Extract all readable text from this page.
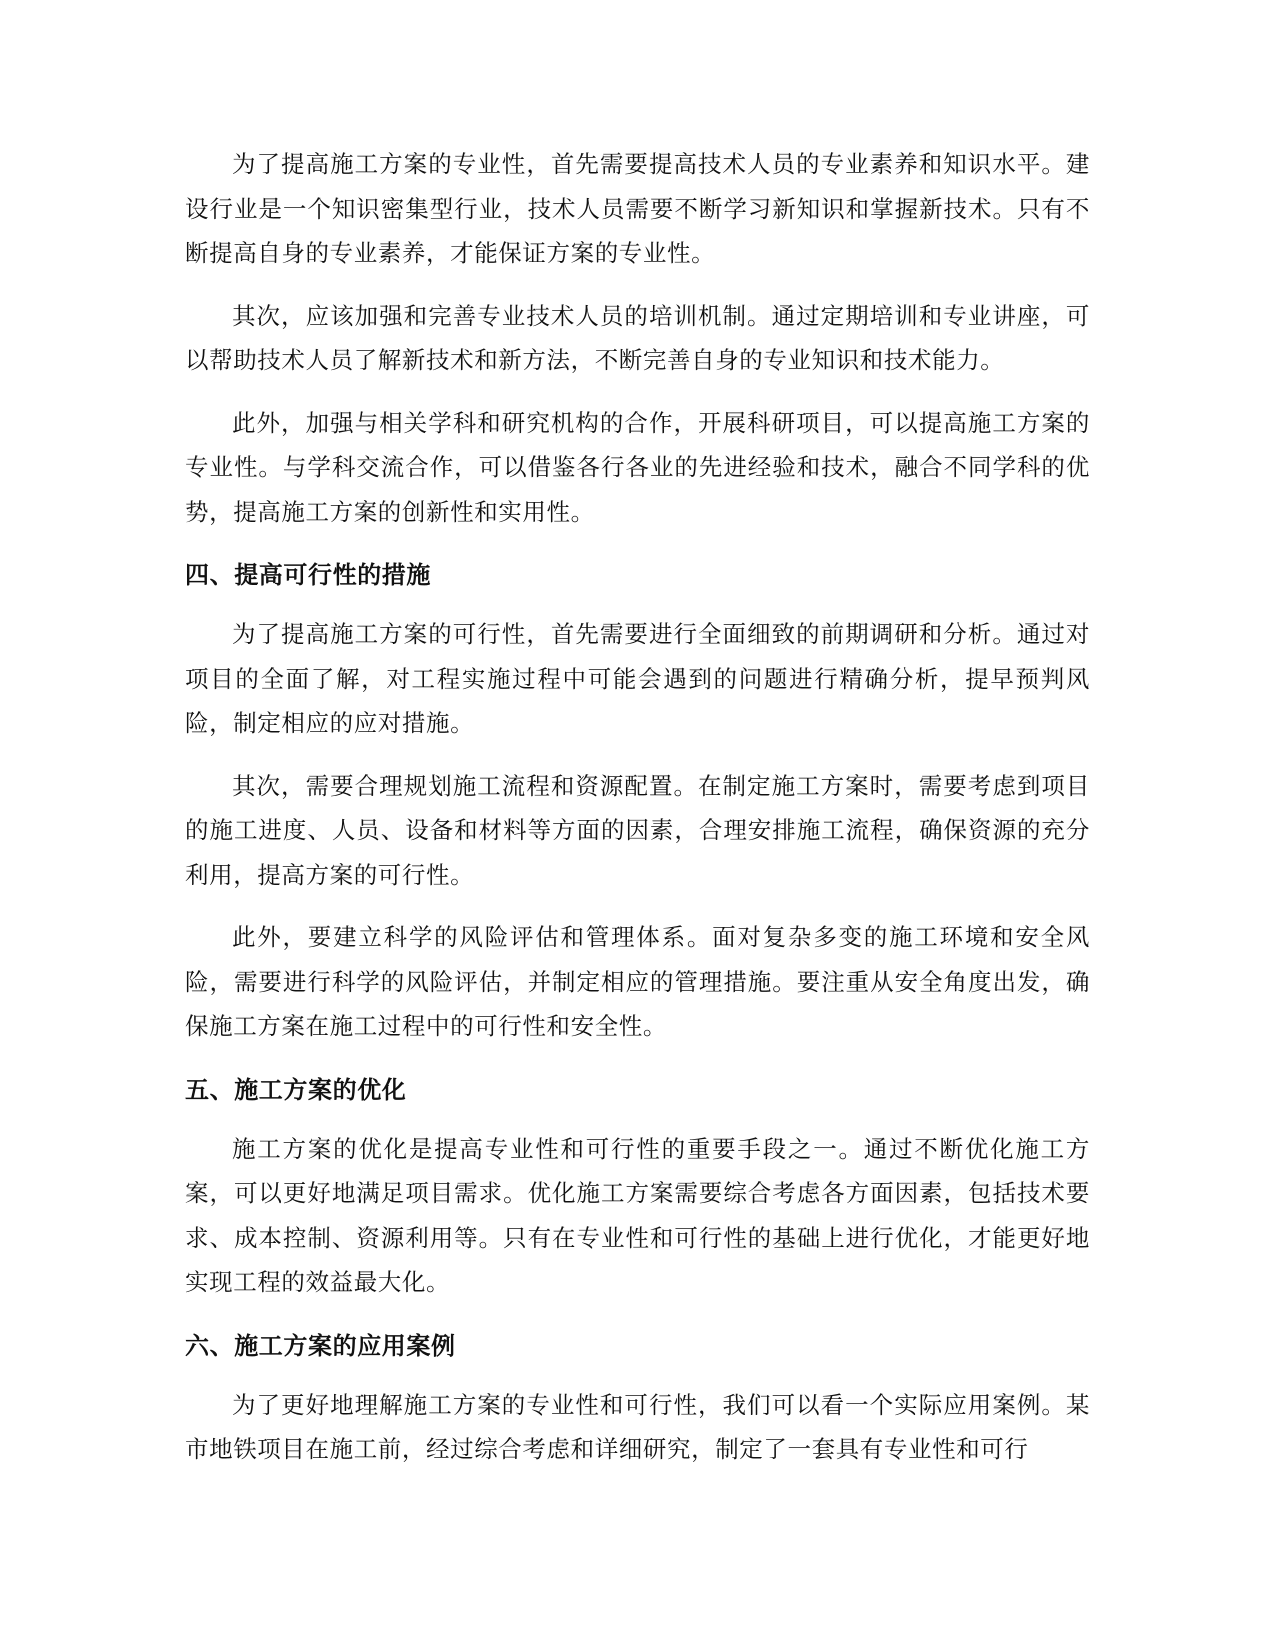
为了提高施工方案的专业性，首先需要提高技术人员的专业素养和知识水平。建设行业是一个知识密集型行业，技术人员需要不断学习新知识和掌握新技术。只有不断提高自身的专业素养，才能保证方案的专业性。

其次，应该加强和完善专业技术人员的培训机制。通过定期培训和专业讲座，可以帮助技术人员了解新技术和新方法，不断完善自身的专业知识和技术能力。

此外，加强与相关学科和研究机构的合作，开展科研项目，可以提高施工方案的专业性。与学科交流合作，可以借鉴各行各业的先进经验和技术，融合不同学科的优势，提高施工方案的创新性和实用性。

四、提高可行性的措施

为了提高施工方案的可行性，首先需要进行全面细致的前期调研和分析。通过对项目的全面了解，对工程实施过程中可能会遇到的问题进行精确分析，提早预判风险，制定相应的应对措施。

其次，需要合理规划施工流程和资源配置。在制定施工方案时，需要考虑到项目的施工进度、人员、设备和材料等方面的因素，合理安排施工流程，确保资源的充分利用，提高方案的可行性。

此外，要建立科学的风险评估和管理体系。面对复杂多变的施工环境和安全风险，需要进行科学的风险评估，并制定相应的管理措施。要注重从安全角度出发，确保施工方案在施工过程中的可行性和安全性。

五、施工方案的优化

施工方案的优化是提高专业性和可行性的重要手段之一。通过不断优化施工方案，可以更好地满足项目需求。优化施工方案需要综合考虑各方面因素，包括技术要求、成本控制、资源利用等。只有在专业性和可行性的基础上进行优化，才能更好地实现工程的效益最大化。

六、施工方案的应用案例

为了更好地理解施工方案的专业性和可行性，我们可以看一个实际应用案例。某市地铁项目在施工前，经过综合考虑和详细研究，制定了一套具有专业性和可行
